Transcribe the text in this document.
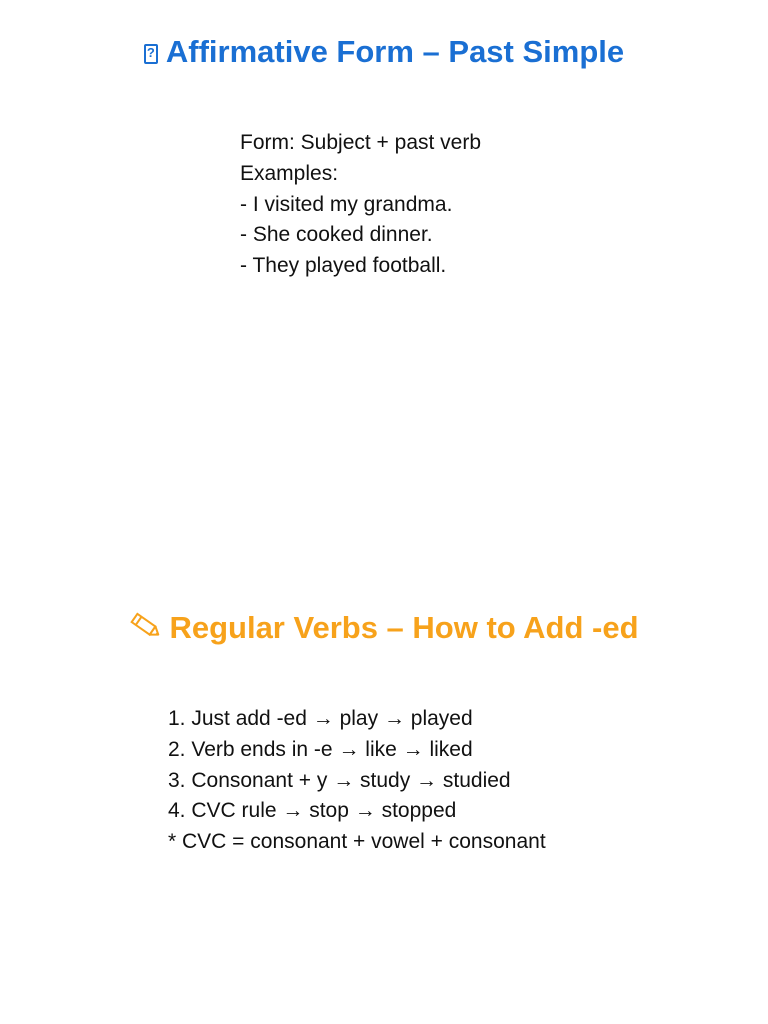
?Affirmative Form – Past Simple
Form: Subject + past verb
Examples:
- I visited my grandma.
- She cooked dinner.
- They played football.
Regular Verbs – How to Add -ed
1. Just add -ed → play → played
2. Verb ends in -e → like → liked
3. Consonant + y → study → studied
4. CVC rule → stop → stopped
* CVC = consonant + vowel + consonant
